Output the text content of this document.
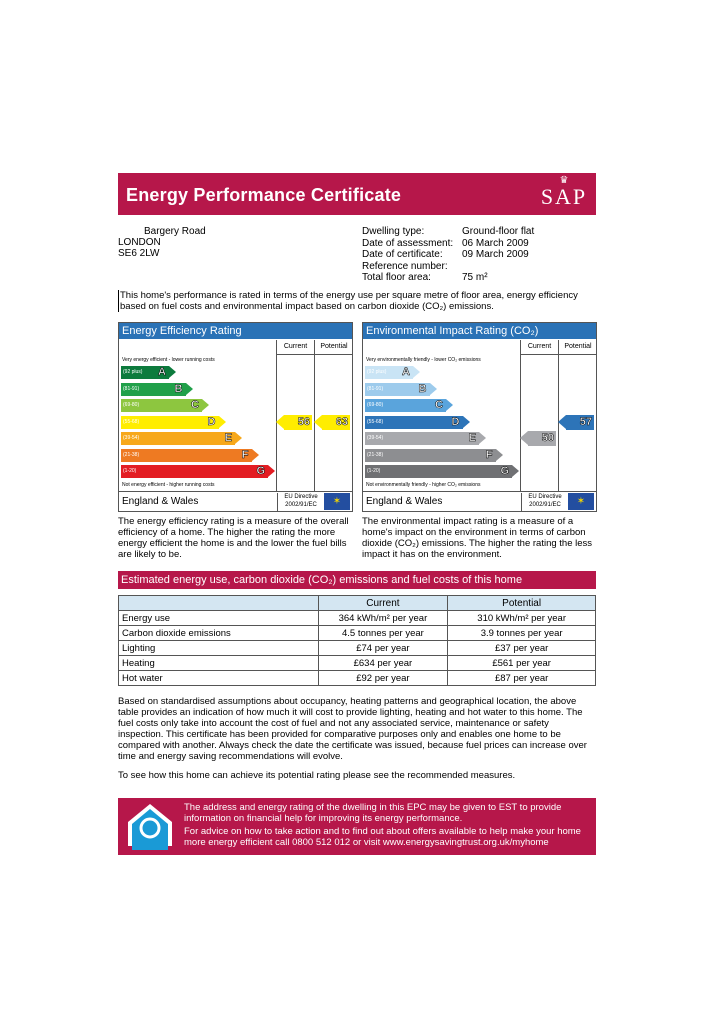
Energy Performance Certificate
♛
SAP
Bargery Road
LONDON
SE6 2LW
Dwelling type:	Ground-floor flat
Date of assessment: 06 March 2009
Date of certificate:	09 March 2009
Reference number:
Total floor area:	75 m²
This home's performance is rated in terms of the energy use per square metre of floor area, energy efficiency based on fuel costs and environmental impact based on carbon dioxide (CO₂) emissions.
Energy Efficiency Rating
Current	Potential
Very energy efficient - lower running costs
(92 plus) A
(81-91)	B
(69-80)	C
(55-68)	D
(39-54)	E
(21-38)	F
(1-20)	G
Not energy efficient - higher running costs
56	63
England & Wales	EU Directive 2002/91/EC	✶
Environmental Impact Rating (CO₂)
Current	Potential
Very environmentally friendly - lower CO₂ emissions
(92 plus) A
(81-91)	B
(69-80)	C
(55-68)	D
(39-54)	E
(21-38)	F
(1-20)	G
Not environmentally friendly - higher CO₂ emissions
50
57
England & Wales	EU Directive 2002/91/EC	✶
The energy efficiency rating is a measure of the overall efficiency of a home. The higher the rating the more energy efficient the home is and the lower the fuel bills are likely to be.
The environmental impact rating is a measure of a home's impact on the environment in terms of carbon dioxide (CO₂) emissions. The higher the rating the less impact it has on the environment.
Estimated energy use, carbon dioxide (CO₂) emissions and fuel costs of this home
	Current	Potential
Energy use	364 kWh/m² per year	310 kWh/m² per year
Carbon dioxide emissions	4.5 tonnes per year	3.9 tonnes per year
Lighting	£74 per year	£37 per year
Heating	£634 per year	£561 per year
Hot water	£92 per year	£87 per year
Based on standardised assumptions about occupancy, heating patterns and geographical location, the above table provides an indication of how much it will cost to provide lighting, heating and hot water to this home. The fuel costs only take into account the cost of fuel and not any associated service, maintenance or safety inspection. This certificate has been provided for comparative purposes only and enables one home to be compared with another. Always check the date the certificate was issued, because fuel prices can increase over time and energy saving recommendations will evolve.
To see how this home can achieve its potential rating please see the recommended measures.
The address and energy rating of the dwelling in this EPC may be given to EST to provide information on financial help for improving its energy performance.
For advice on how to take action and to find out about offers available to help make your home more energy efficient call 0800 512 012 or visit www.energysavingtrust.org.uk/myhome
